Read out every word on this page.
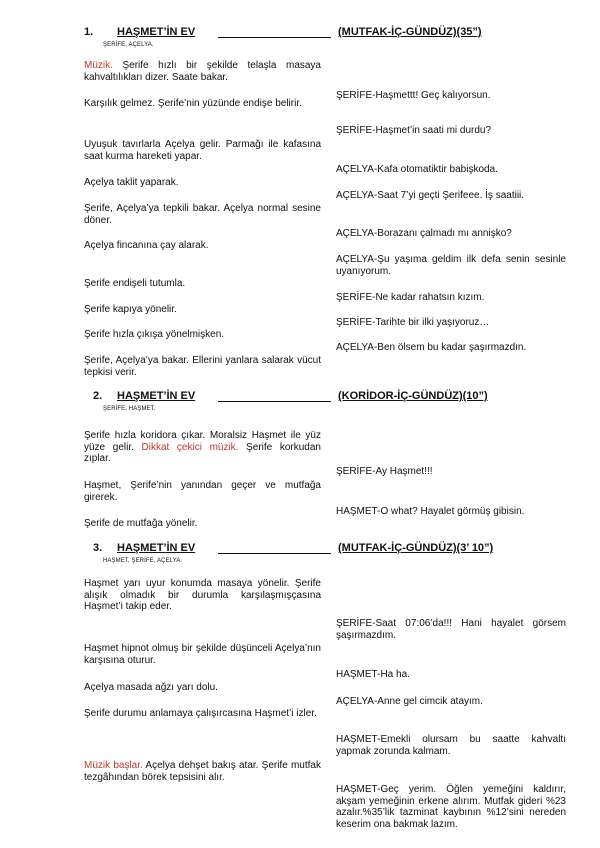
1. HAŞMET’İN EV	(MUTFAK-İÇ-GÜNDÜZ)(35”)
ŞERİFE, AÇELYA.
Müzik. Şerife hızlı bir şekilde telaşla masaya kahvaltılıkları dizer. Saate bakar.
Karşılık gelmez. Şerife’nin yüzünde endişe belirir.
Uyuşuk tavırlarla Açelya gelir. Parmağı ile kafasına saat kurma hareketi yapar.
Açelya taklit yaparak.
Şerife, Açelya’ya tepkili bakar. Açelya normal sesine döner.
Açelya fincanına çay alarak.
Şerife endişeli tutumla.
Şerife kapıya yönelir.
Şerife hızla çıkışa yönelmişken.
Şerife, Açelya’ya bakar. Ellerini yanlara salarak vücut tepkisi verir.
ŞERİFE-Haşmettt! Geç kalıyorsun.
ŞERİFE-Haşmet’in saati mi durdu?
AÇELYA-Kafa otomatiktir babişkoda.
AÇELYA-Saat 7’yi geçti Şerifeee. İş saatiii.
AÇELYA-Borazanı çalmadı mı annişko?
AÇELYA-Şu yaşıma geldim ilk defa senin sesinle uyanıyorum.
ŞERİFE-Ne kadar rahatsın kızım.
ŞERİFE-Tarihte bir ilki yaşıyoruz…
AÇELYA-Ben ölsem bu kadar şaşırmazdın.
2. HAŞMET’İN EV	(KORİDOR-İÇ-GÜNDÜZ)(10”)
ŞERİFE, HAŞMET.
Şerife hızla koridora çıkar. Moralsiz Haşmet ile yüz yüze gelir. Dikkat çekici müzik. Şerife korkudan zıplar.
Haşmet, Şerife’nin yanından geçer ve mutfağa girerek.
Şerife de mutfağa yönelir.
ŞERİFE-Ay Haşmet!!!
HAŞMET-O what? Hayalet görmüş gibisin.
3. HAŞMET’İN EV	(MUTFAK-İÇ-GÜNDÜZ)(3’ 10”)
HAŞMET, ŞERİFE, AÇELYA.
Haşmet yarı uyur konumda masaya yönelir. Şerife alışık olmadık bir durumla karşılaşmışçasına Haşmet’i takip eder.
Haşmet hipnot olmuş bir şekilde düşünceli Açelya’nın karşısına oturur.
Açelya masada ağzı yarı dolu.
Şerife durumu anlamaya çalışırcasına Haşmet’i izler.
Müzik başlar. Açelya dehşet bakış atar. Şerife mutfak tezgâhından börek tepsisini alır.
ŞERİFE-Saat 07:06’da!!! Hani hayalet görsem şaşırmazdım.
HAŞMET-Ha ha.
AÇELYA-Anne gel cimcik atayım.
HAŞMET-Emekli olursam bu saatte kahvaltı yapmak zorunda kalmam.
HAŞMET-Geç yerim. Öğlen yemeğini kaldırır, akşam yemeğinin erkene alırım. Mutfak gideri %23 azalır.%35’lik tazminat kaybının %12’sini nereden keserim ona bakmak lazım.
